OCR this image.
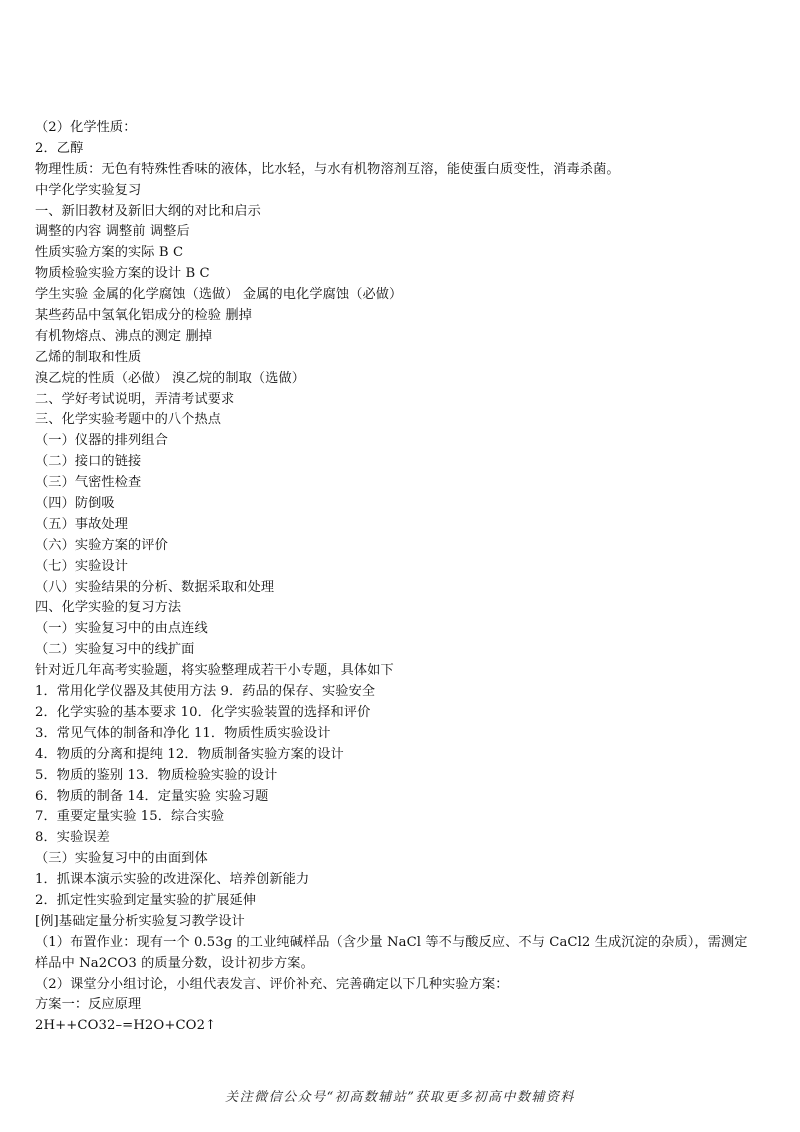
（2）化学性质：
2．乙醇
物理性质：无色有特殊性香味的液体，比水轻，与水有机物溶剂互溶，能使蛋白质变性，消毒杀菌。
中学化学实验复习
一、新旧教材及新旧大纲的对比和启示
调整的内容 调整前 调整后
性质实验方案的实际 B C
物质检验实验方案的设计 B C
学生实验 金属的化学腐蚀（选做） 金属的电化学腐蚀（必做）
某些药品中氢氧化铝成分的检验 删掉
有机物熔点、沸点的测定 删掉
乙烯的制取和性质
溴乙烷的性质（必做） 溴乙烷的制取（选做）
二、学好考试说明，弄清考试要求
三、化学实验考题中的八个热点
（一）仪器的排列组合
（二）接口的链接
（三）气密性检查
（四）防倒吸
（五）事故处理
（六）实验方案的评价
（七）实验设计
（八）实验结果的分析、数据采取和处理
四、化学实验的复习方法
（一）实验复习中的由点连线
（二）实验复习中的线扩面
针对近几年高考实验题，将实验整理成若干小专题，具体如下
1．常用化学仪器及其使用方法 9．药品的保存、实验安全
2．化学实验的基本要求 10．化学实验装置的选择和评价
3．常见气体的制备和净化 11．物质性质实验设计
4．物质的分离和提纯 12．物质制备实验方案的设计
5．物质的鉴别 13．物质检验实验的设计
6．物质的制备 14．定量实验 实验习题
7．重要定量实验 15．综合实验
8．实验误差
（三）实验复习中的由面到体
1．抓课本演示实验的改进深化、培养创新能力
2．抓定性实验到定量实验的扩展延伸
[例]基础定量分析实验复习教学设计
（1）布置作业：现有一个 0.53g 的工业纯碱样品（含少量 NaCl 等不与酸反应、不与 CaCl2 生成沉淀的杂质），需测定
样品中 Na2CO3 的质量分数，设计初步方案。
（2）课堂分小组讨论，小组代表发言、评价补充、完善确定以下几种实验方案：
方案一：反应原理
2H++CO32–=H2O+CO2↑
关注微信公众号“初高数辅站”获取更多初高中数辅资料
